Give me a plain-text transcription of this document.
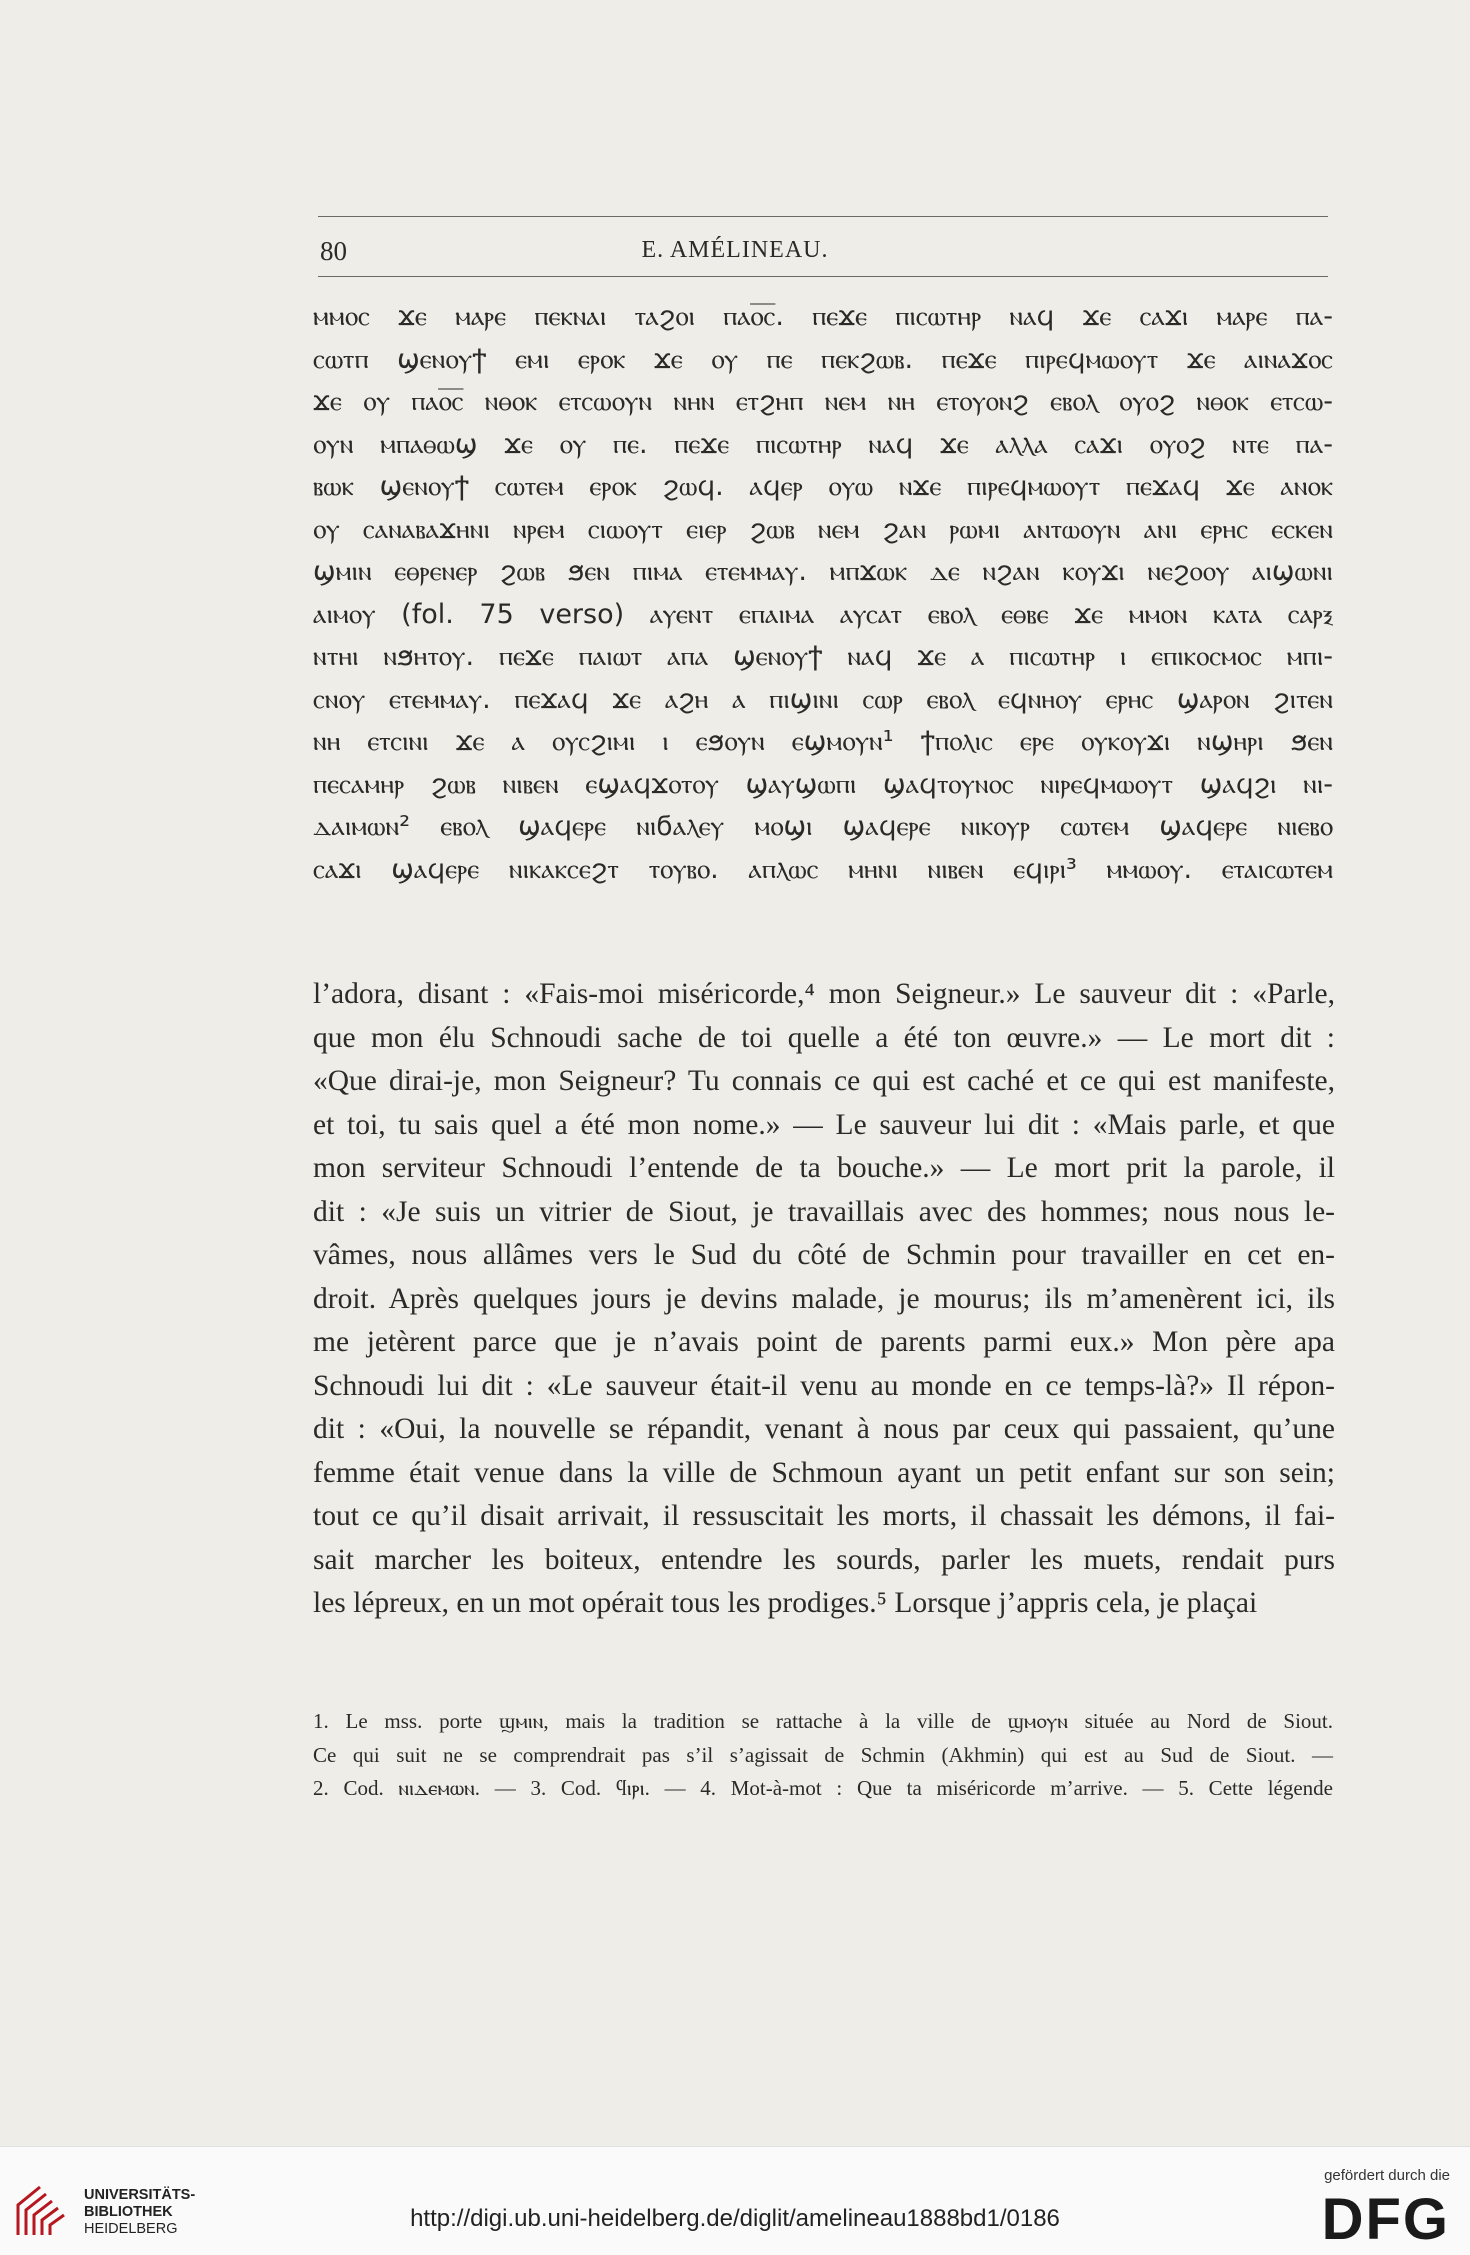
80	E. AMÉLINEAU.
ⲙⲙⲟⲥ ϫⲉ ⲙⲁⲣⲉ ⲡⲉⲕⲛⲁⲓ ⲧⲁϩⲟⲓ ⲡⲁⲟ̅ⲥ̅. ⲡⲉϫⲉ ⲡⲓⲥⲱⲧⲏⲣ ⲛⲁϥ ϫⲉ ⲥⲁϫⲓ ⲙⲁⲣⲉ ⲡⲁ-
ⲥⲱⲧⲡ ϣⲉⲛⲟⲩϯ ⲉⲙⲓ ⲉⲣⲟⲕ ϫⲉ ⲟⲩ ⲡⲉ ⲡⲉⲕϩⲱⲃ. ⲡⲉϫⲉ ⲡⲓⲣⲉϥⲙⲱⲟⲩⲧ ϫⲉ ⲁⲓⲛⲁϫⲟⲥ
ϫⲉ ⲟⲩ ⲡⲁⲟ̅ⲥ̅ ⲛⲑⲟⲕ ⲉⲧⲥⲱⲟⲩⲛ ⲛⲏⲛ ⲉⲧϩⲏⲡ ⲛⲉⲙ ⲛⲏ ⲉⲧⲟⲩⲟⲛϩ ⲉⲃⲟⲗ ⲟⲩⲟϩ ⲛⲑⲟⲕ ⲉⲧⲥⲱ-
ⲟⲩⲛ ⲙⲡⲁⲑⲱϣ ϫⲉ ⲟⲩ ⲡⲉ. ⲡⲉϫⲉ ⲡⲓⲥⲱⲧⲏⲣ ⲛⲁϥ ϫⲉ ⲁⲗⲗⲁ ⲥⲁϫⲓ ⲟⲩⲟϩ ⲛⲧⲉ ⲡⲁ-
ⲃⲱⲕ ϣⲉⲛⲟⲩϯ ⲥⲱⲧⲉⲙ ⲉⲣⲟⲕ ϩⲱϥ. ⲁϥⲉⲣ ⲟⲩⲱ ⲛϫⲉ ⲡⲓⲣⲉϥⲙⲱⲟⲩⲧ ⲡⲉϫⲁϥ ϫⲉ ⲁⲛⲟⲕ
ⲟⲩ ⲥⲁⲛⲁⲃⲁϫⲏⲛⲓ ⲛⲣⲉⲙ ⲥⲓⲱⲟⲩⲧ ⲉⲓⲉⲣ ϩⲱⲃ ⲛⲉⲙ ϩⲁⲛ ⲣⲱⲙⲓ ⲁⲛⲧⲱⲟⲩⲛ ⲁⲛⲓ ⲉⲣⲏⲥ ⲉⲥⲕⲉⲛ
ϣⲙⲓⲛ ⲉⲑⲣⲉⲛⲉⲣ ϩⲱⲃ ϧⲉⲛ ⲡⲓⲙⲁ ⲉⲧⲉⲙⲙⲁⲩ. ⲙⲡϫⲱⲕ ⲇⲉ ⲛϩⲁⲛ ⲕⲟⲩϫⲓ ⲛⲉϩⲟⲟⲩ ⲁⲓϣⲱⲛⲓ
ⲁⲓⲙⲟⲩ (fol. 75 verso) ⲁⲩⲉⲛⲧ ⲉⲡⲁⲓⲙⲁ ⲁⲩⲥⲁⲧ ⲉⲃⲟⲗ ⲉⲑⲃⲉ ϫⲉ ⲙⲙⲟⲛ ⲕⲁⲧⲁ ⲥⲁⲣⲝ
ⲛⲧⲏⲓ ⲛϧⲏⲧⲟⲩ. ⲡⲉϫⲉ ⲡⲁⲓⲱⲧ ⲁⲡⲁ ϣⲉⲛⲟⲩϯ ⲛⲁϥ ϫⲉ ⲁ ⲡⲓⲥⲱⲧⲏⲣ ⲓ ⲉⲡⲓⲕⲟⲥⲙⲟⲥ ⲙⲡⲓ-
ⲥⲛⲟⲩ ⲉⲧⲉⲙⲙⲁⲩ. ⲡⲉϫⲁϥ ϫⲉ ⲁϩⲏ ⲁ ⲡⲓϣⲓⲛⲓ ⲥⲱⲣ ⲉⲃⲟⲗ ⲉϥⲛⲏⲟⲩ ⲉⲣⲏⲥ ϣⲁⲣⲟⲛ ϩⲓⲧⲉⲛ
ⲛⲏ ⲉⲧⲥⲓⲛⲓ ϫⲉ ⲁ ⲟⲩⲥϩⲓⲙⲓ ⲓ ⲉϧⲟⲩⲛ ⲉϣⲙⲟⲩⲛ¹ ϯⲡⲟⲗⲓⲥ ⲉⲣⲉ ⲟⲩⲕⲟⲩϫⲓ ⲛϣⲏⲣⲓ ϧⲉⲛ
ⲡⲉⲥⲁⲙⲏⲣ ϩⲱⲃ ⲛⲓⲃⲉⲛ ⲉϣⲁϥϫⲟⲧⲟⲩ ϣⲁⲩϣⲱⲡⲓ ϣⲁϥⲧⲟⲩⲛⲟⲥ ⲛⲓⲣⲉϥⲙⲱⲟⲩⲧ ϣⲁϥϩⲓ ⲛⲓ-
ⲇⲁⲓⲙⲱⲛ² ⲉⲃⲟⲗ ϣⲁϥⲉⲣⲉ ⲛⲓϭⲁⲗⲉⲩ ⲙⲟϣⲓ ϣⲁϥⲉⲣⲉ ⲛⲓⲕⲟⲩⲣ ⲥⲱⲧⲉⲙ ϣⲁϥⲉⲣⲉ ⲛⲓⲉⲃⲟ
ⲥⲁϫⲓ ϣⲁϥⲉⲣⲉ ⲛⲓⲕⲁⲕⲥⲉϩⲧ ⲧⲟⲩⲃⲟ. ⲁⲡⲗⲱⲥ ⲙⲏⲛⲓ ⲛⲓⲃⲉⲛ ⲉϥⲓⲣⲓ³ ⲙⲙⲱⲟⲩ. ⲉⲧⲁⲓⲥⲱⲧⲉⲙ
l’adora, disant : «Fais-moi miséricorde,⁴ mon Seigneur.» Le sauveur dit : «Parle,
que mon élu Schnoudi sache de toi quelle a été ton œuvre.» — Le mort dit :
«Que dirai-je, mon Seigneur? Tu connais ce qui est caché et ce qui est manifeste,
et toi, tu sais quel a été mon nome.» — Le sauveur lui dit : «Mais parle, et que
mon serviteur Schnoudi l’entende de ta bouche.» — Le mort prit la parole, il
dit : «Je suis un vitrier de Siout, je travaillais avec des hommes; nous nous le-
vâmes, nous allâmes vers le Sud du côté de Schmin pour travailler en cet en-
droit. Après quelques jours je devins malade, je mourus; ils m’amenèrent ici, ils
me jetèrent parce que je n’avais point de parents parmi eux.» Mon père apa
Schnoudi lui dit : «Le sauveur était-il venu au monde en ce temps-là?» Il répon-
dit : «Oui, la nouvelle se répandit, venant à nous par ceux qui passaient, qu’une
femme était venue dans la ville de Schmoun ayant un petit enfant sur son sein;
tout ce qu’il disait arrivait, il ressuscitait les morts, il chassait les démons, il fai-
sait marcher les boiteux, entendre les sourds, parler les muets, rendait purs
les lépreux, en un mot opérait tous les prodiges.⁵ Lorsque j’appris cela, je plaçai
1. Le mss. porte ϣⲙⲓⲛ, mais la tradition se rattache à la ville de ϣⲙⲟⲩⲛ située au Nord de Siout.
Ce qui suit ne se comprendrait pas s’il s’agissait de Schmin (Akhmin) qui est au Sud de Siout. —
2. Cod. ⲛⲓⲇⲉⲙⲱⲛ. — 3. Cod. ϥⲓⲣⲓ. — 4. Mot-à-mot : Que ta miséricorde m’arrive. — 5. Cette légende
UNIVERSITÄTS-
BIBLIOTHEK
HEIDELBERG	http://digi.ub.uni-heidelberg.de/diglit/amelineau1888bd1/0186
gefördert durch die
DFG
